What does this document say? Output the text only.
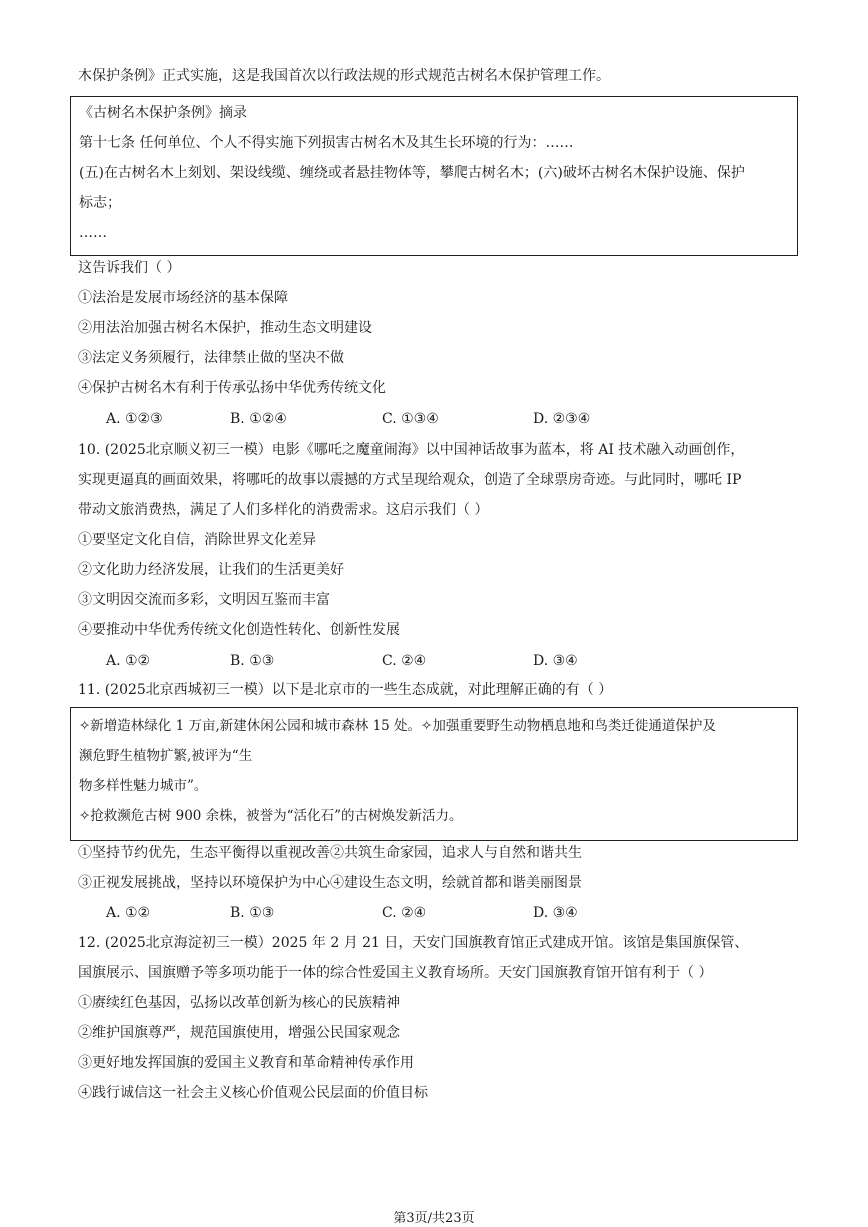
木保护条例》正式实施，这是我国首次以行政法规的形式规范古树名木保护管理工作。
《古树名木保护条例》摘录
第十七条 任何单位、个人不得实施下列损害古树名木及其生长环境的行为：……
(五)在古树名木上刻划、架设线缆、缠绕或者悬挂物体等，攀爬古树名木；(六)破坏古树名木保护设施、保护
标志；
……
这告诉我们（ ）
①法治是发展市场经济的基本保障
②用法治加强古树名木保护，推动生态文明建设
③法定义务须履行，法律禁止做的坚决不做
④保护古树名木有利于传承弘扬中华优秀传统文化
A. ①②③	B. ①②④	C. ①③④	D. ②③④
10. (2025北京顺义初三一模）电影《哪吒之魔童闹海》以中国神话故事为蓝本，将 AI 技术融入动画创作，
实现更逼真的画面效果，将哪吒的故事以震撼的方式呈现给观众，创造了全球票房奇迹。与此同时，哪吒 IP
带动文旅消费热，满足了人们多样化的消费需求。这启示我们（ ）
①要坚定文化自信，消除世界文化差异
②文化助力经济发展，让我们的生活更美好
③文明因交流而多彩，文明因互鉴而丰富
④要推动中华优秀传统文化创造性转化、创新性发展
A. ①②	B. ①③	C. ②④	D. ③④
11. (2025北京西城初三一模）以下是北京市的一些生态成就，对此理解正确的有（ ）
✧新增造林绿化 1 万亩,新建休闲公园和城市森林 15 处。✧加强重要野生动物栖息地和鸟类迁徙通道保护及
濒危野生植物扩繁,被评为“生
物多样性魅力城市”。
✧抢救濒危古树 900 余株，被誉为“活化石”的古树焕发新活力。
①坚持节约优先，生态平衡得以重视改善②共筑生命家园，追求人与自然和谐共生
③正视发展挑战，坚持以环境保护为中心④建设生态文明，绘就首都和谐美丽图景
A. ①②	B. ①③	C. ②④	D. ③④
12. (2025北京海淀初三一模）2025 年 2 月 21 日，天安门国旗教育馆正式建成开馆。该馆是集国旗保管、
国旗展示、国旗赠予等多项功能于一体的综合性爱国主义教育场所。天安门国旗教育馆开馆有利于（ ）
①赓续红色基因，弘扬以改革创新为核心的民族精神
②维护国旗尊严，规范国旗使用，增强公民国家观念
③更好地发挥国旗的爱国主义教育和革命精神传承作用
④践行诚信这一社会主义核心价值观公民层面的价值目标
第3页/共23页
